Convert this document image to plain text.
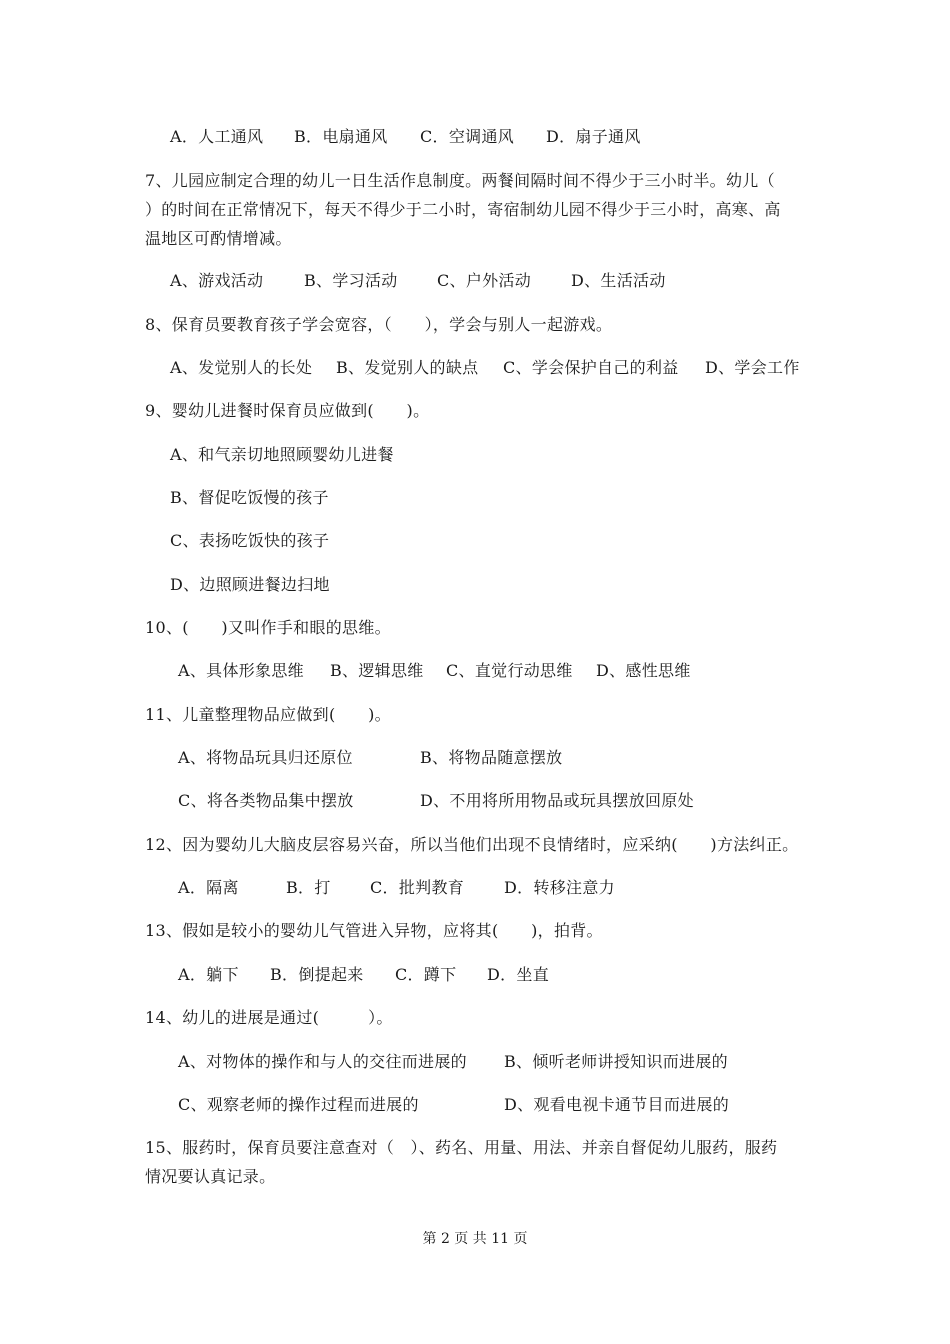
A．人工通风 B．电扇通风 C．空调通风 D．扇子通风
7、儿园应制定合理的幼儿一日生活作息制度。两餐间隔时间不得少于三小时半。幼儿（
）的时间在正常情况下，每天不得少于二小时，寄宿制幼儿园不得少于三小时，高寒、高
温地区可酌情增减。
A、游戏活动	B、学习活动 C、户外活动 D、生活活动
8、保育员要教育孩子学会宽容，（　　），学会与别人一起游戏。
A、发觉别人的长处 B、发觉别人的缺点 C、学会保护自己的利益 D、学会工作
9、婴幼儿进餐时保育员应做到(　　)。
A、和气亲切地照顾婴幼儿进餐
B、督促吃饭慢的孩子
C、表扬吃饭快的孩子
D、边照顾进餐边扫地
10、(　　)又叫作手和眼的思维。
A、具体形象思维 B、逻辑思维 C、直觉行动思维 D、感性思维
11、儿童整理物品应做到(　　)。
A、将物品玩具归还原位	B、将物品随意摆放
C、将各类物品集中摆放	D、不用将所用物品或玩具摆放回原处
12、因为婴幼儿大脑皮层容易兴奋，所以当他们出现不良情绪时，应采纳(　　)方法纠正。
A．隔离	B．打 C．批判教育 D．转移注意力
13、假如是较小的婴幼儿气管进入异物，应将其(　　)，拍背。
A．躺下 B．倒提起来 C．蹲下 D．坐直
14、幼儿的进展是通过(　　　）。
A、对物体的操作和与人的交往而进展的 B、倾听老师讲授知识而进展的
C、观察老师的操作过程而进展的	D、观看电视卡通节目而进展的
15、服药时，保育员要注意查对（　）、药名、用量、用法、并亲自督促幼儿服药，服药
情况要认真记录。
第 2 页 共 11 页
